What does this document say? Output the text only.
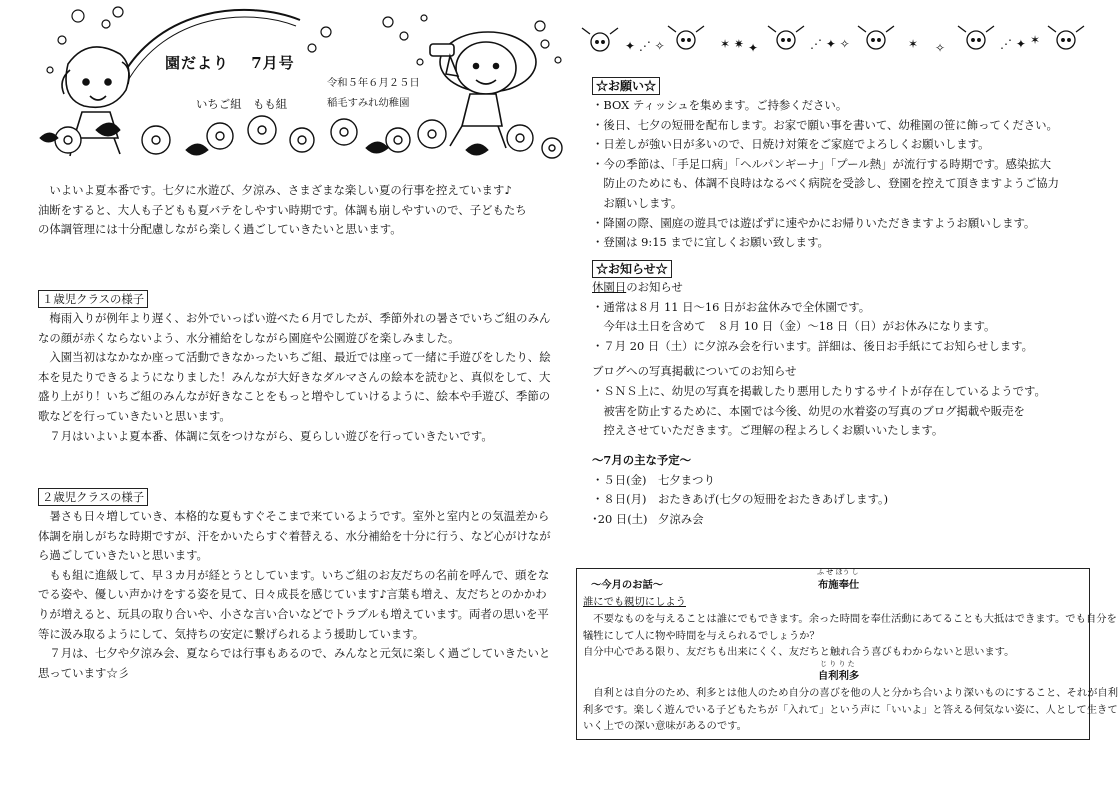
園だより　 7月号
令和５年６月２５日
いちご組　もも組	稲毛すみれ幼稚園
　いよいよ夏本番です。七夕に水遊び、夕涼み、さまざまな楽しい夏の行事を控えています♪
油断をすると、大人も子どもも夏バテをしやすい時期です。体調も崩しやすいので、子どもたち
の体調管理には十分配慮しながら楽しく過ごしていきたいと思います。
１歳児クラスの様子
　梅雨入りが例年より遅く、お外でいっぱい遊べた６月でしたが、季節外れの暑さでいちご組のみん
なの顔が赤くならないよう、水分補給をしながら園庭や公園遊びを楽しみました。
　入園当初はなかなか座って活動できなかったいちご組、最近では座って一緒に手遊びをしたり、絵
本を見たりできるようになりました！みんなが大好きなダルマさんの絵本を読むと、真似をして、大
盛り上がり！いちご組のみんなが好きなことをもっと増やしていけるように、絵本や手遊び、季節の
歌などを行っていきたいと思います。
　７月はいよいよ夏本番、体調に気をつけながら、夏らしい遊びを行っていきたいです。
２歳児クラスの様子
　暑さも日々増していき、本格的な夏もすぐそこまで来ているようです。室外と室内との気温差から
体調を崩しがちな時期ですが、汗をかいたらすぐ着替える、水分補給を十分に行う、など心がけなが
ら過ごしていきたいと思います。
　もも組に進級して、早３カ月が経とうとしています。いちご組のお友だちの名前を呼んで、頭をな
でる姿や、優しい声かけをする姿を見て、日々成長を感じています♪言葉も増え、友だちとのかかわ
りが増えると、玩具の取り合いや、小さな言い合いなどでトラブルも増えています。両者の思いを平
等に汲み取るようにして、気持ちの安定に繋げられるよう援助しています。
　７月は、七夕や夕涼み会、夏ならでは行事もあるので、みんなと元気に楽しく過ごしていきたいと
思っています☆彡
✦ ⋰ ✧	✶ ✷ ✦	⋰ ✦ ✧	✶ ✧	⋰ ✦ ✶
☆お願い☆
・BOX ティッシュを集めます。ご持参ください。
・後日、七夕の短冊を配布します。お家で願い事を書いて、幼稚園の笹に飾ってください。
・日差しが強い日が多いので、日焼け対策をご家庭でよろしくお願いします。
・今の季節は、「手足口病」「ヘルパンギーナ」「プール熱」が流行する時期です。感染拡大
　防止のためにも、体調不良時はなるべく病院を受診し、登園を控えて頂きますようご協力
　お願いします。
・降園の際、園庭の遊具では遊ばずに速やかにお帰りいただきますようお願いします。
・登園は 9:15 までに宜しくお願い致します。
☆お知らせ☆
休園日のお知らせ
・通常は８月 11 日～16 日がお盆休みで全休園です。
　今年は土日を含めて　８月 10 日（金）～18 日（日）がお休みになります。
・７月 20 日（土）に夕涼み会を行います。詳細は、後日お手紙にてお知らせします。
ブログへの写真掲載についてのお知らせ
・ＳＮＳ上に、幼児の写真を掲載したり悪用したりするサイトが存在しているようです。
　被害を防止するために、本園では今後、幼児の水着姿の写真のブログ掲載や販売を
　控えさせていただきます。ご理解の程よろしくお願いいたします。
～7月の主な予定～
・５日(金) 七夕まつり
・８日(月) おたきあげ(七夕の短冊をおたきあげします。)
･20 日(土) 夕涼み会
～今月のお話～
ふ せ ほう し
布施奉仕
誰にでも親切にしよう
　不要なものを与えることは誰にでもできます。余った時間を奉仕活動にあてることも大抵はできます。でも自分を
犠牲にして人に物や時間を与えられるでしょうか？
自分中心である限り、友だちも出来にくく、友だちと触れ合う喜びもわからないと思います。
じ り り た
自利利多
　自利とは自分のため、利多とは他人のため自分の喜びを他の人と分かち合いより深いものにすること、それが自利
利多です。楽しく遊んでいる子どもたちが「入れて」という声に「いいよ」と答える何気ない姿に、人として生きて
いく上での深い意味があるのです。
